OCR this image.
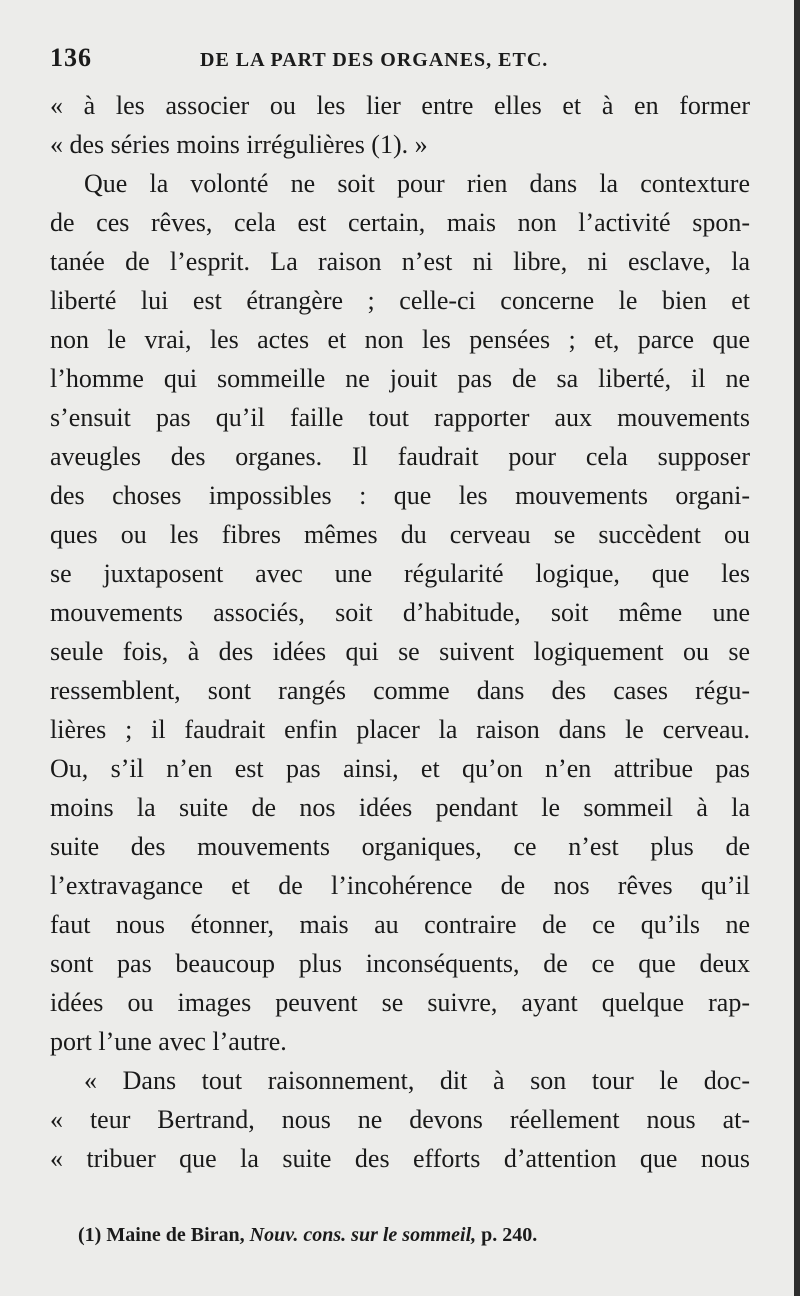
136	DE LA PART DES ORGANES, ETC.
« à les associer ou les lier entre elles et à en former
« des séries moins irrégulières (1). »
Que la volonté ne soit pour rien dans la contexture
de ces rêves, cela est certain, mais non l’activité spon-
tanée de l’esprit. La raison n’est ni libre, ni esclave, la
liberté lui est étrangère ; celle-ci concerne le bien et
non le vrai, les actes et non les pensées ; et, parce que
l’homme qui sommeille ne jouit pas de sa liberté, il ne
s’ensuit pas qu’il faille tout rapporter aux mouvements
aveugles des organes. Il faudrait pour cela supposer
des choses impossibles : que les mouvements organi-
ques ou les fibres mêmes du cerveau se succèdent ou
se juxtaposent avec une régularité logique, que les
mouvements associés, soit d’habitude, soit même une
seule fois, à des idées qui se suivent logiquement ou se
ressemblent, sont rangés comme dans des cases régu-
lières ; il faudrait enfin placer la raison dans le cerveau.
Ou, s’il n’en est pas ainsi, et qu’on n’en attribue pas
moins la suite de nos idées pendant le sommeil à la
suite des mouvements organiques, ce n’est plus de
l’extravagance et de l’incohérence de nos rêves qu’il
faut nous étonner, mais au contraire de ce qu’ils ne
sont pas beaucoup plus inconséquents, de ce que deux
idées ou images peuvent se suivre, ayant quelque rap-
port l’une avec l’autre.
« Dans tout raisonnement, dit à son tour le doc-
« teur Bertrand, nous ne devons réellement nous at-
« tribuer que la suite des efforts d’attention que nous
(1) Maine de Biran, Nouv. cons. sur le sommeil, p. 240.
